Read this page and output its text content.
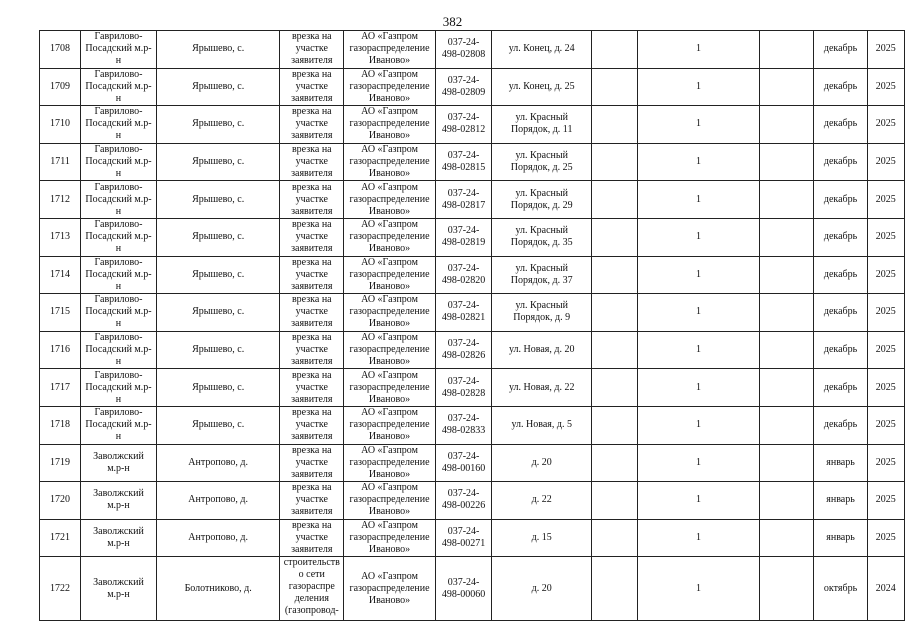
382
1708	Гаврилово-
Посадский м.р-
н	Ярышево, с.	врезка на
участке
заявителя	АО «Газпром
газораспределение
Иваново»	037-24-
498-02808	ул. Конец, д. 24		1		декабрь	2025
1709	Гаврилово-
Посадский м.р-
н	Ярышево, с.	врезка на
участке
заявителя	АО «Газпром
газораспределение
Иваново»	037-24-
498-02809	ул. Конец, д. 25		1		декабрь	2025
1710	Гаврилово-
Посадский м.р-
н	Ярышево, с.	врезка на
участке
заявителя	АО «Газпром
газораспределение
Иваново»	037-24-
498-02812	ул. Красный
Порядок, д. 11		1		декабрь	2025
1711	Гаврилово-
Посадский м.р-
н	Ярышево, с.	врезка на
участке
заявителя	АО «Газпром
газораспределение
Иваново»	037-24-
498-02815	ул. Красный
Порядок, д. 25		1		декабрь	2025
1712	Гаврилово-
Посадский м.р-
н	Ярышево, с.	врезка на
участке
заявителя	АО «Газпром
газораспределение
Иваново»	037-24-
498-02817	ул. Красный
Порядок, д. 29		1		декабрь	2025
1713	Гаврилово-
Посадский м.р-
н	Ярышево, с.	врезка на
участке
заявителя	АО «Газпром
газораспределение
Иваново»	037-24-
498-02819	ул. Красный
Порядок, д. 35		1		декабрь	2025
1714	Гаврилово-
Посадский м.р-
н	Ярышево, с.	врезка на
участке
заявителя	АО «Газпром
газораспределение
Иваново»	037-24-
498-02820	ул. Красный
Порядок, д. 37		1		декабрь	2025
1715	Гаврилово-
Посадский м.р-
н	Ярышево, с.	врезка на
участке
заявителя	АО «Газпром
газораспределение
Иваново»	037-24-
498-02821	ул. Красный
Порядок, д. 9		1		декабрь	2025
1716	Гаврилово-
Посадский м.р-
н	Ярышево, с.	врезка на
участке
заявителя	АО «Газпром
газораспределение
Иваново»	037-24-
498-02826	ул. Новая, д. 20		1		декабрь	2025
1717	Гаврилово-
Посадский м.р-
н	Ярышево, с.	врезка на
участке
заявителя	АО «Газпром
газораспределение
Иваново»	037-24-
498-02828	ул. Новая, д. 22		1		декабрь	2025
1718	Гаврилово-
Посадский м.р-
н	Ярышево, с.	врезка на
участке
заявителя	АО «Газпром
газораспределение
Иваново»	037-24-
498-02833	ул. Новая, д. 5		1		декабрь	2025
1719	Заволжский
м.р-н	Антропово, д.	врезка на
участке
заявителя	АО «Газпром
газораспределение
Иваново»	037-24-
498-00160	д. 20		1		январь	2025
1720	Заволжский
м.р-н	Антропово, д.	врезка на
участке
заявителя	АО «Газпром
газораспределение
Иваново»	037-24-
498-00226	д. 22		1		январь	2025
1721	Заволжский
м.р-н	Антропово, д.	врезка на
участке
заявителя	АО «Газпром
газораспределение
Иваново»	037-24-
498-00271	д. 15		1		январь	2025
1722	Заволжский
м.р-н	Болотниково, д.	строительств
о сети
газораспре
деления
(газопровод-	АО «Газпром
газораспределение
Иваново»	037-24-
498-00060	д. 20		1		октябрь	2024
